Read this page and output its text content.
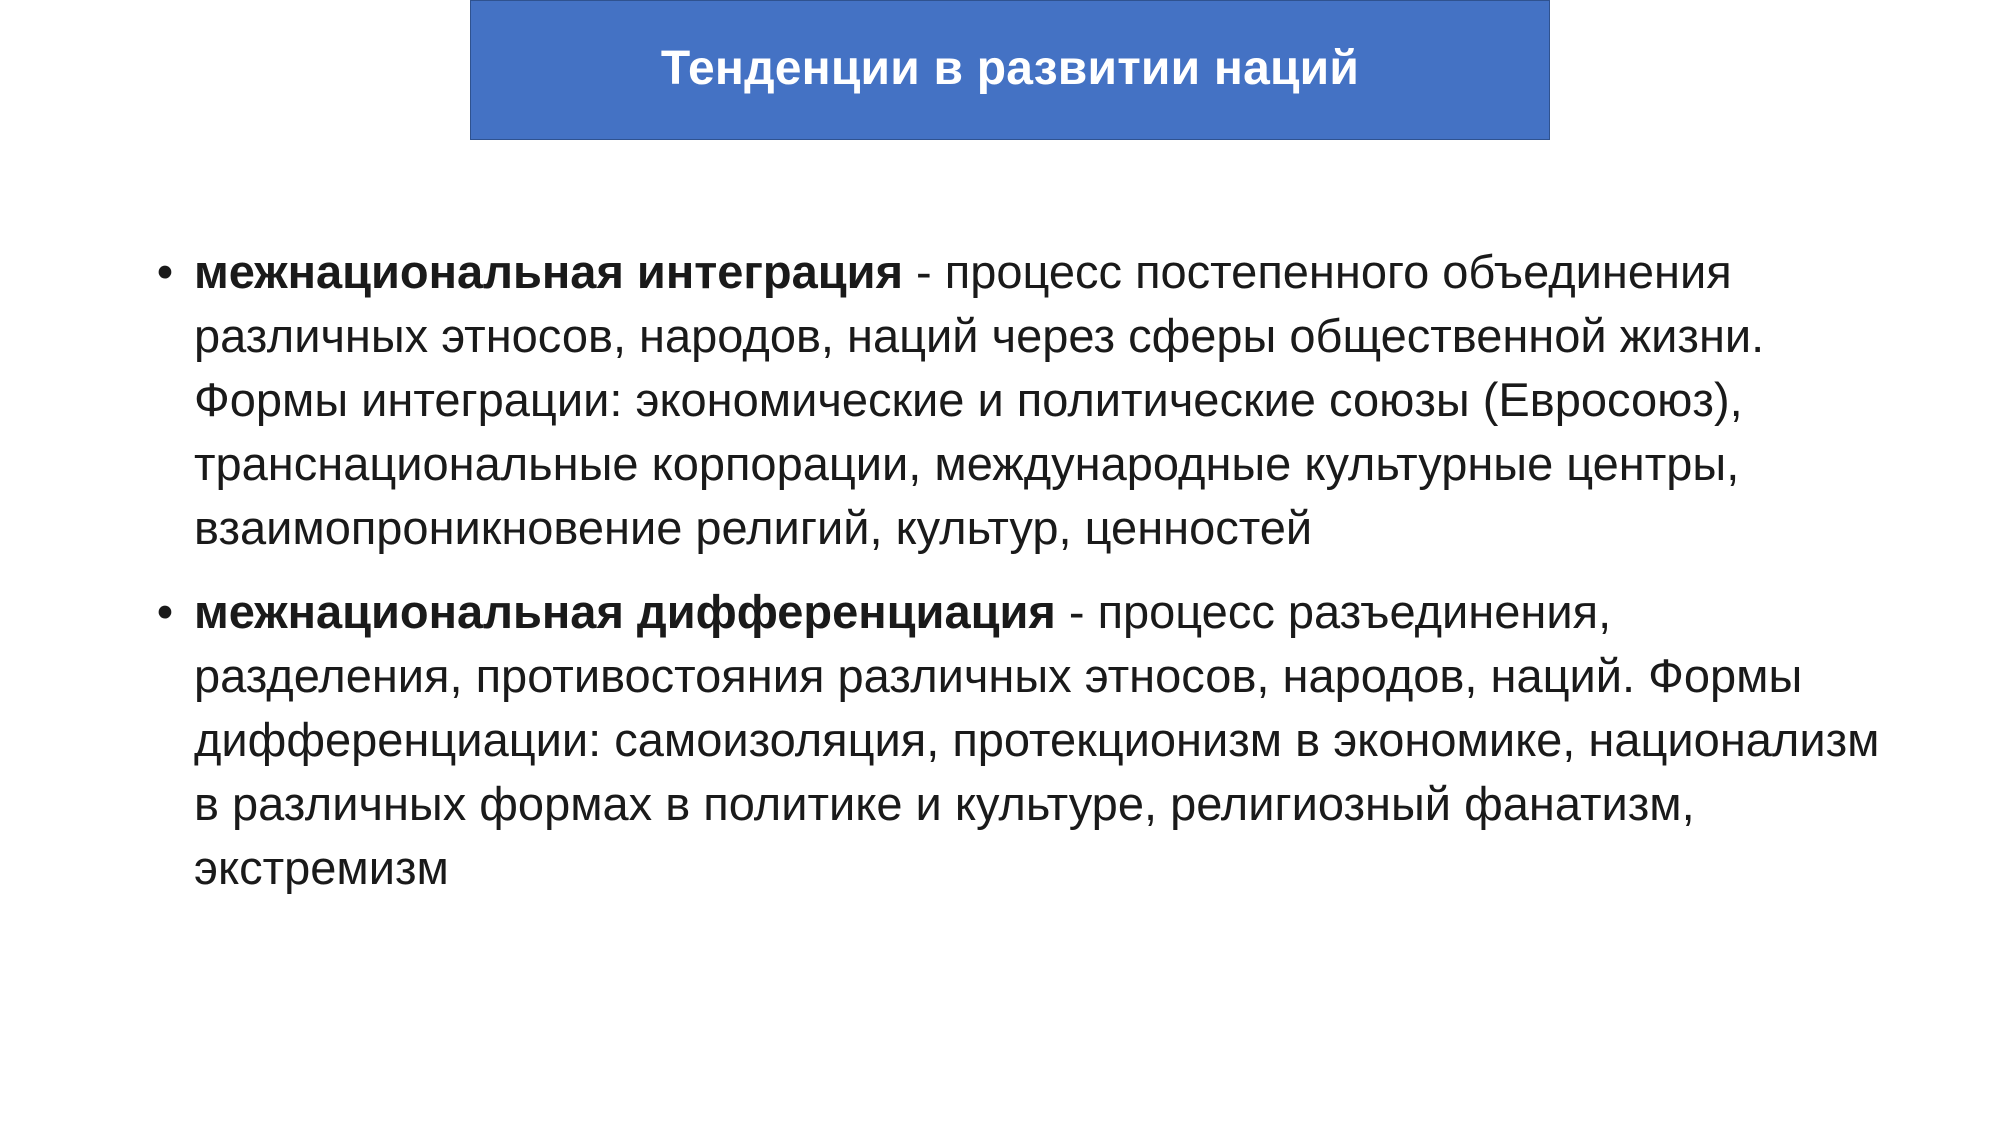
Тенденции в развитии наций
• межнациональная интеграция - процесс постепенного объединения различных этносов, народов, наций через сферы общественной жизни. Формы интеграции: экономические и политические союзы (Евросоюз), транснациональные корпорации, международные культурные центры, взаимопроникновение религий, культур, ценностей
• межнациональная дифференциация - процесс разъединения, разделения, противостояния различных этносов, народов, наций. Формы дифференциации: самоизоляция, протекционизм в экономике, национализм в различных формах в политике и культуре, религиозный фанатизм, экстремизм
